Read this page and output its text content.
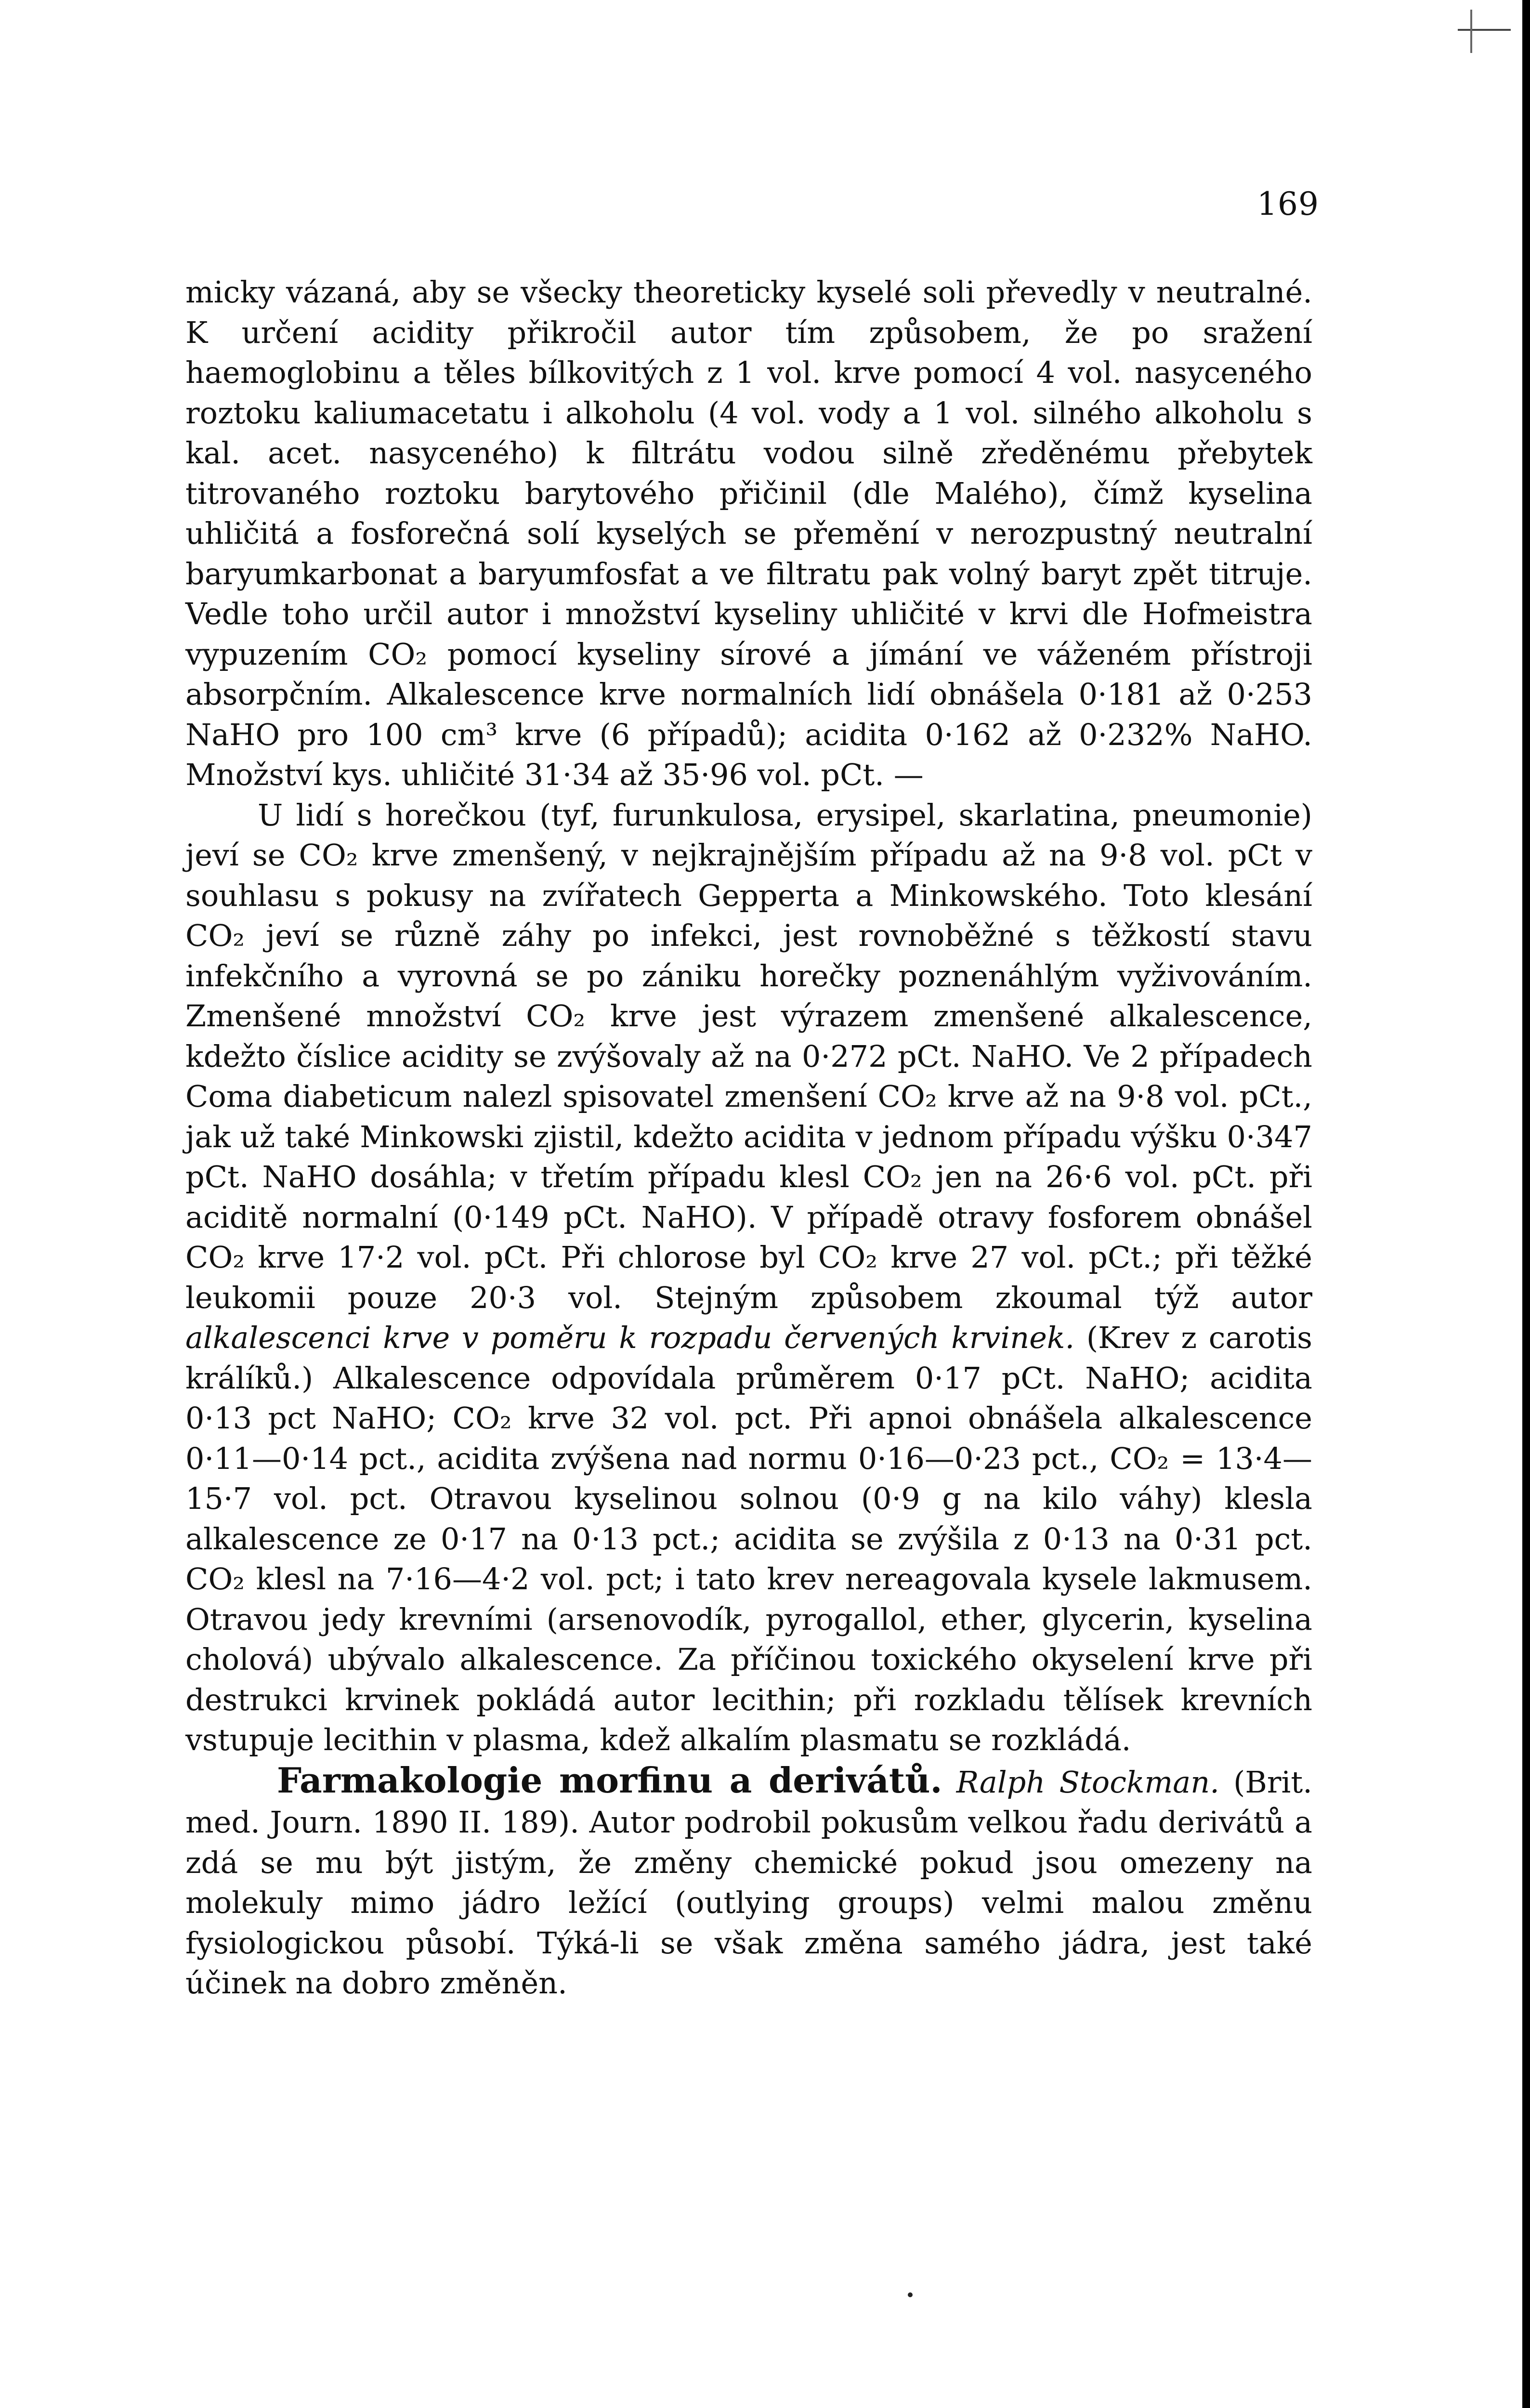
169

micky vázaná, aby se všecky theoreticky kyselé soli převedly v neutralné. K určení acidity přikročil autor tím způsobem, že po sražení haemoglobinu a těles bílkovitých z 1 vol. krve pomocí 4 vol. nasyceného roztoku kaliumacetatu i alkoholu (4 vol. vody a 1 vol. silného alkoholu s kal. acet. nasyceného) k filtrátu vodou silně zředěnému přebytek titrovaného roztoku barytového přičinil (dle Malého), čímž kyselina uhličitá a fosforečná solí kyselých se přemění v nerozpustný neutralní baryumkarbonat a baryumfosfat a ve filtratu pak volný baryt zpět titruje. Vedle toho určil autor i množství kyseliny uhličité v krvi dle Hofmeistra vypuzením CO₂ pomocí kyseliny sírové a jímání ve váženém přístroji absorpčním. Alkalescence krve normalních lidí obnášela 0·181 až 0·253 NaHO pro 100 cm³ krve (6 případů); acidita 0·162 až 0·232% NaHO. Množství kys. uhličité 31·34 až 35·96 vol. pCt. —

U lidí s horečkou (tyf, furunkulosa, erysipel, skarlatina, pneumonie) jeví se CO₂ krve zmenšený, v nejkrajnějším případu až na 9·8 vol. pCt v souhlasu s pokusy na zvířatech Gepperta a Minkowského. Toto klesání CO₂ jeví se různě záhy po infekci, jest rovnoběžné s těžkostí stavu infekčního a vyrovná se po zániku horečky poznenáhlým vyživováním. Zmenšené množství CO₂ krve jest výrazem zmenšené alkalescence, kdežto číslice acidity se zvýšovaly až na 0·272 pCt. NaHO. Ve 2 případech Coma diabeticum nalezl spisovatel zmenšení CO₂ krve až na 9·8 vol. pCt., jak už také Minkowski zjistil, kdežto acidita v jednom případu výšku 0·347 pCt. NaHO dosáhla; v třetím případu klesl CO₂ jen na 26·6 vol. pCt. při aciditě normalní (0·149 pCt. NaHO). V případě otravy fosforem obnášel CO₂ krve 17·2 vol. pCt. Při chlorose byl CO₂ krve 27 vol. pCt.; při těžké leukomii pouze 20·3 vol. Stejným způsobem zkoumal týž autor alkalescenci krve v poměru k rozpadu červených krvinek. (Krev z carotis králíků.) Alkalescence odpovídala průměrem 0·17 pCt. NaHO; acidita 0·13 pct NaHO; CO₂ krve 32 vol. pct. Při apnoi obnášela alkalescence 0·11—0·14 pct., acidita zvýšena nad normu 0·16—0·23 pct., CO₂ = 13·4—15·7 vol. pct. Otravou kyselinou solnou (0·9 g na kilo váhy) klesla alkalescence ze 0·17 na 0·13 pct.; acidita se zvýšila z 0·13 na 0·31 pct. CO₂ klesl na 7·16—4·2 vol. pct; i tato krev nereagovala kysele lakmusem. Otravou jedy krevními (arsenovodík, pyrogallol, ether, glycerin, kyselina cholová) ubývalo alkalescence. Za příčinou toxického okyselení krve při destrukci krvinek pokládá autor lecithin; při rozkladu tělísek krevních vstupuje lecithin v plasma, kdež alkalím plasmatu se rozkládá.

Farmakologie morfinu a derivátů. Ralph Stockman. (Brit. med. Journ. 1890 II. 189). Autor podrobil pokusům velkou řadu derivátů a zdá se mu být jistým, že změny chemické pokud jsou omezeny na molekuly mimo jádro ležící (outlying groups) velmi malou změnu fysiologickou působí. Týká-li se však změna samého jádra, jest také účinek na dobro změněn.
